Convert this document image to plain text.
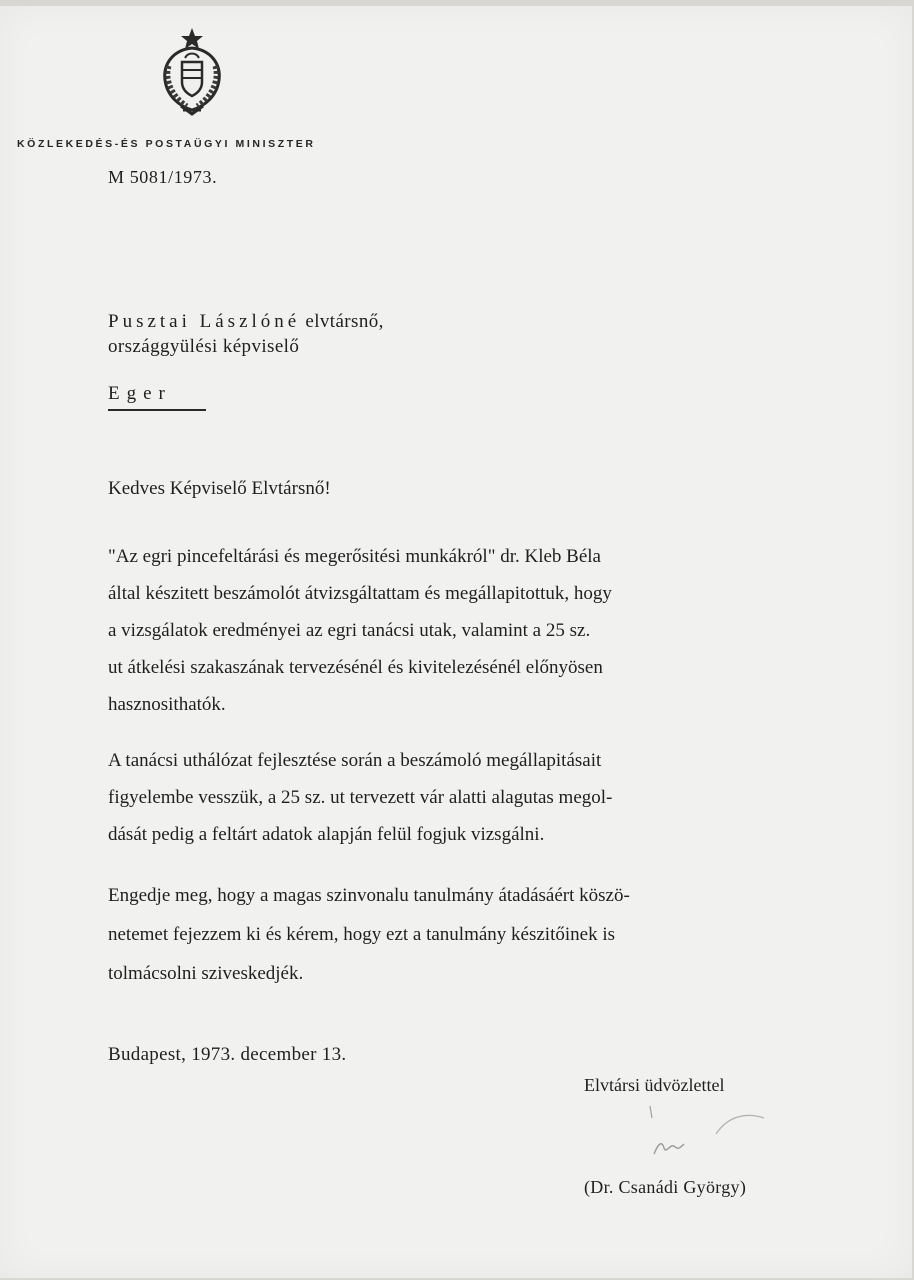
KÖZLEKEDÉS-ÉS POSTAÜGYI MINISZTER
M 5081/1973.
Pusztai Lászlóné elvtársnő,
országgyülési képviselő
Eger
Kedves Képviselő Elvtársnő!
"Az egri pincefeltárási és megerősitési munkákról" dr. Kleb Béla
által készitett beszámolót átvizsgáltattam és megállapitottuk, hogy
a vizsgálatok eredményei az egri tanácsi utak, valamint a 25 sz.
ut átkelési szakaszának tervezésénél és kivitelezésénél előnyösen
hasznosithatók.
A tanácsi uthálózat fejlesztése során a beszámoló megállapitásait
figyelembe vesszük, a 25 sz. ut tervezett vár alatti alagutas megol-
dását pedig a feltárt adatok alapján felül fogjuk vizsgálni.
Engedje meg, hogy a magas szinvonalu tanulmány átadásáért köszö-
netemet fejezzem ki és kérem, hogy ezt a tanulmány készitőinek is
tolmácsolni sziveskedjék.
Budapest, 1973. december 13.
Elvtársi üdvözlettel
(Dr. Csanádi György)
